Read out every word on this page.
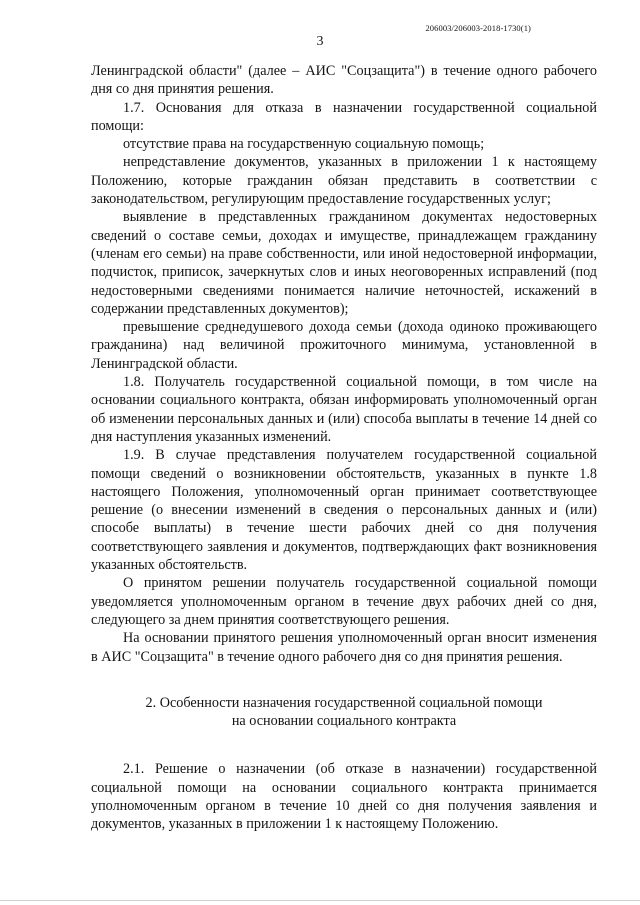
206003/206003-2018-1730(1)
3

Ленинградской области" (далее – АИС "Соцзащита") в течение одного рабочего дня со дня принятия решения.

1.7. Основания для отказа в назначении государственной социальной помощи:

отсутствие права на государственную социальную помощь;

непредставление документов, указанных в приложении 1 к настоящему Положению, которые гражданин обязан представить в соответствии с законодательством, регулирующим предоставление государственных услуг;

выявление в представленных гражданином документах недостоверных сведений о составе семьи, доходах и имуществе, принадлежащем гражданину (членам его семьи) на праве собственности, или иной недостоверной информации, подчисток, приписок, зачеркнутых слов и иных неоговоренных исправлений (под недостоверными сведениями понимается наличие неточностей, искажений в содержании представленных документов);

превышение среднедушевого дохода семьи (дохода одиноко проживающего гражданина) над величиной прожиточного минимума, установленной в Ленинградской области.

1.8. Получатель государственной социальной помощи, в том числе на основании социального контракта, обязан информировать уполномоченный орган об изменении персональных данных и (или) способа выплаты в течение 14 дней со дня наступления указанных изменений.

1.9. В случае представления получателем государственной социальной помощи сведений о возникновении обстоятельств, указанных в пункте 1.8 настоящего Положения, уполномоченный орган принимает соответствующее решение (о внесении изменений в сведения о персональных данных и (или) способе выплаты) в течение шести рабочих дней со дня получения соответствующего заявления и документов, подтверждающих факт возникновения указанных обстоятельств.

О принятом решении получатель государственной социальной помощи уведомляется уполномоченным органом в течение двух рабочих дней со дня, следующего за днем принятия соответствующего решения.

На основании принятого решения уполномоченный орган вносит изменения в АИС "Соцзащита" в течение одного рабочего дня со дня принятия решения.

2. Особенности назначения государственной социальной помощи
на основании социального контракта

2.1. Решение о назначении (об отказе в назначении) государственной социальной помощи на основании социального контракта принимается уполномоченным органом в течение 10 дней со дня получения заявления и документов, указанных в приложении 1 к настоящему Положению.
